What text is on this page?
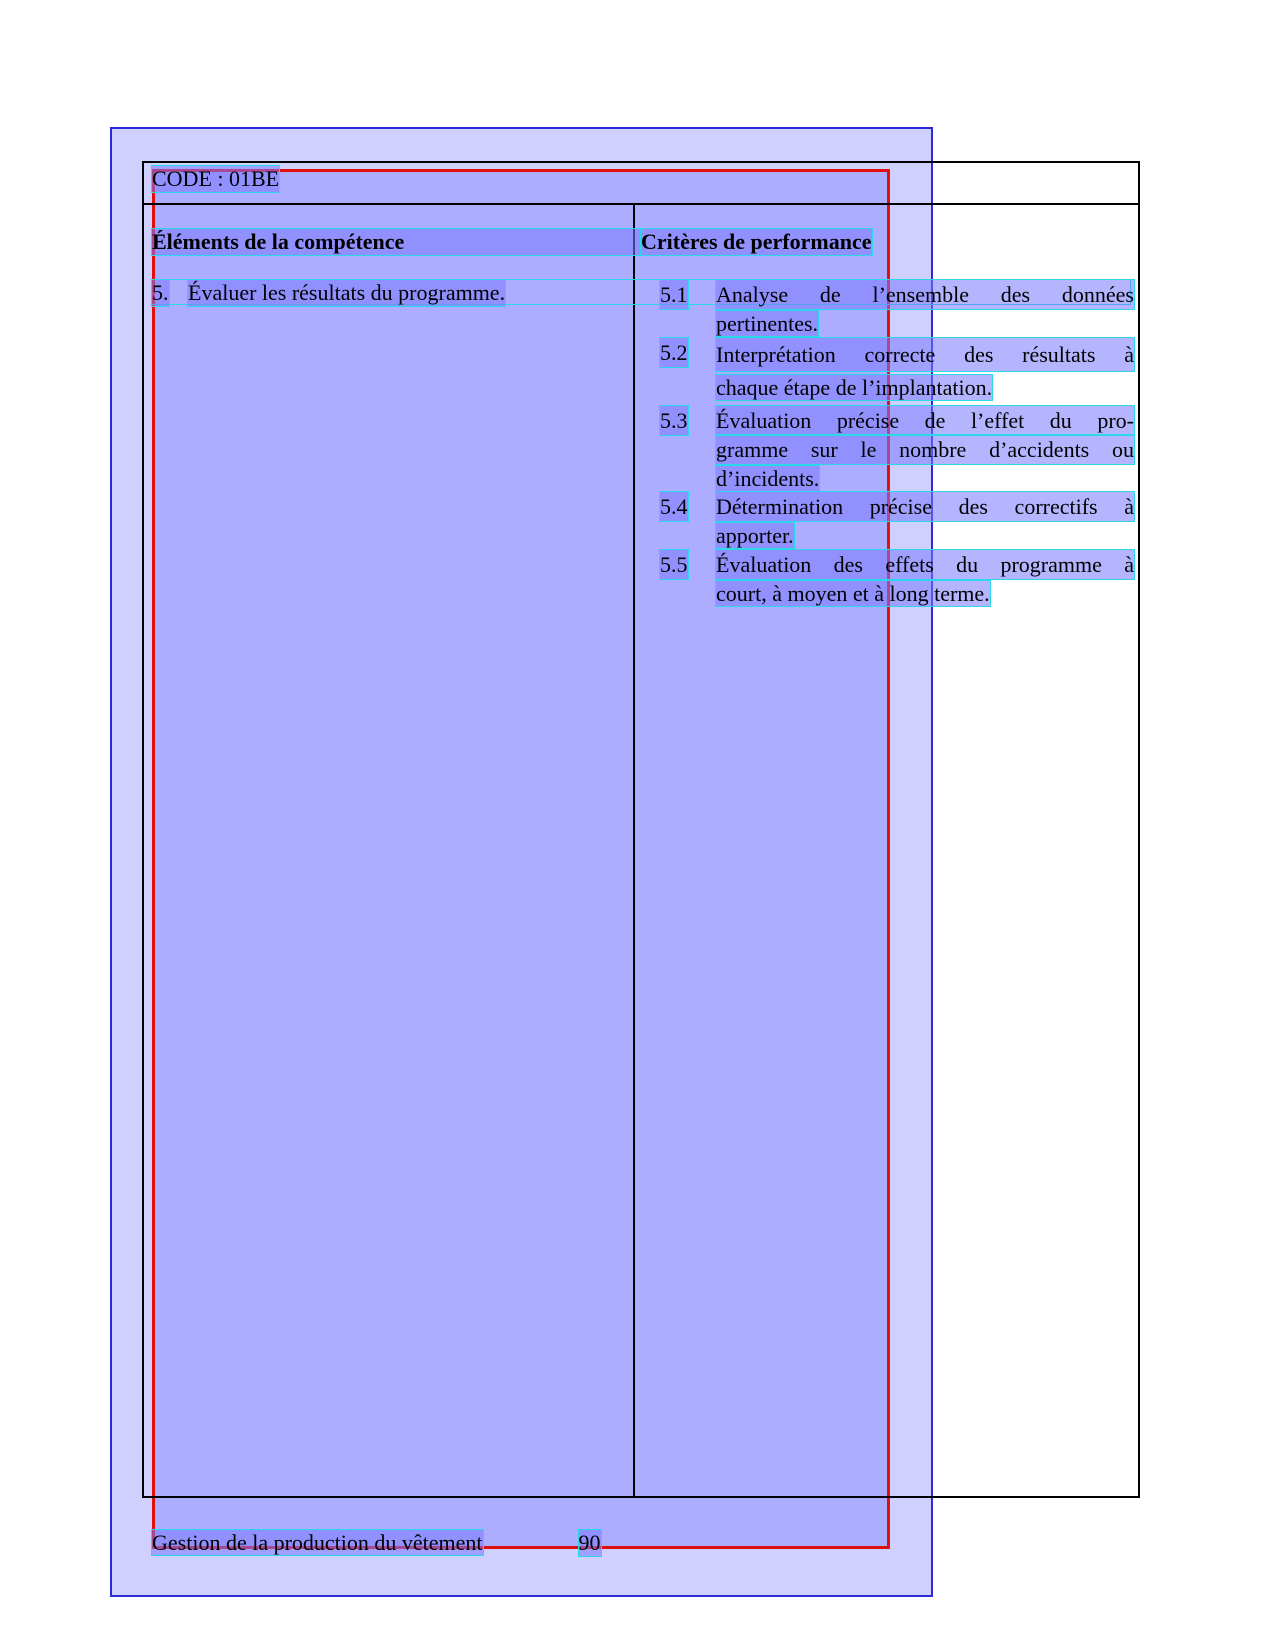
CODE : 01BE
Éléments de la compétence	Critères de performance
5. Évaluer les résultats du programme.	5.1 Analyse de l’ensemble des données
pertinentes.
5.2 Interprétation correcte des résultats à
chaque étape de l’implantation.
5.3 Évaluation précise de l’effet du pro-
gramme sur le nombre d’accidents ou
d’incidents.
5.4 Détermination précise des correctifs à
apporter.
5.5 Évaluation des effets du programme à
court, à moyen et à long terme.
Gestion de la production du vêtement	90
